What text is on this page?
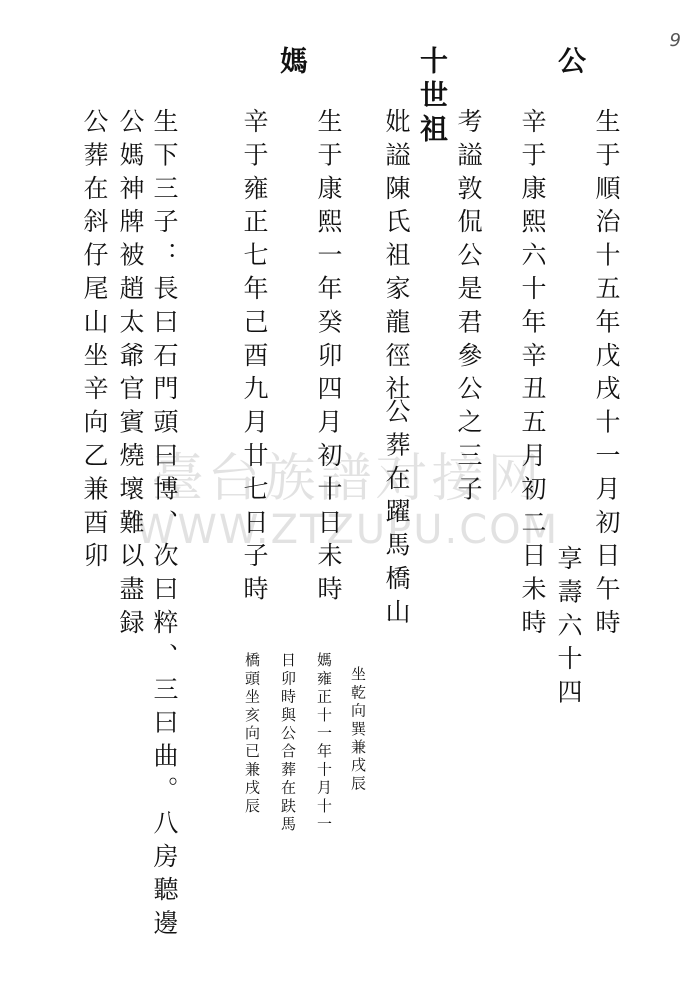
9
臺台族譜对接网
WWW.ZTZUPU.COM
公
生于順治十五年戊戌十一月初日午時
享壽六十四
辛于康熙六十年辛丑五月初二日未時
考謚敦侃公是君參公之三子
十世祖
妣謚陳氏祖家龍徑社
公葬在躍馬橋山
生于康熙一年癸卯四月初十日未時
媽
辛于雍正七年己酉九月廿七日子時
坐乾向巽兼戌辰
媽雍正十一年十月十一
日卯時與公合葬在趺馬
橋頭坐亥向已兼戌辰
生下三子：長曰石門頭曰博、次曰粹、三曰曲。八房聽邊
公媽神牌被趙太爺官賓燒壞難以盡録
公葬在斜仔尾山坐辛向乙兼酉卯
